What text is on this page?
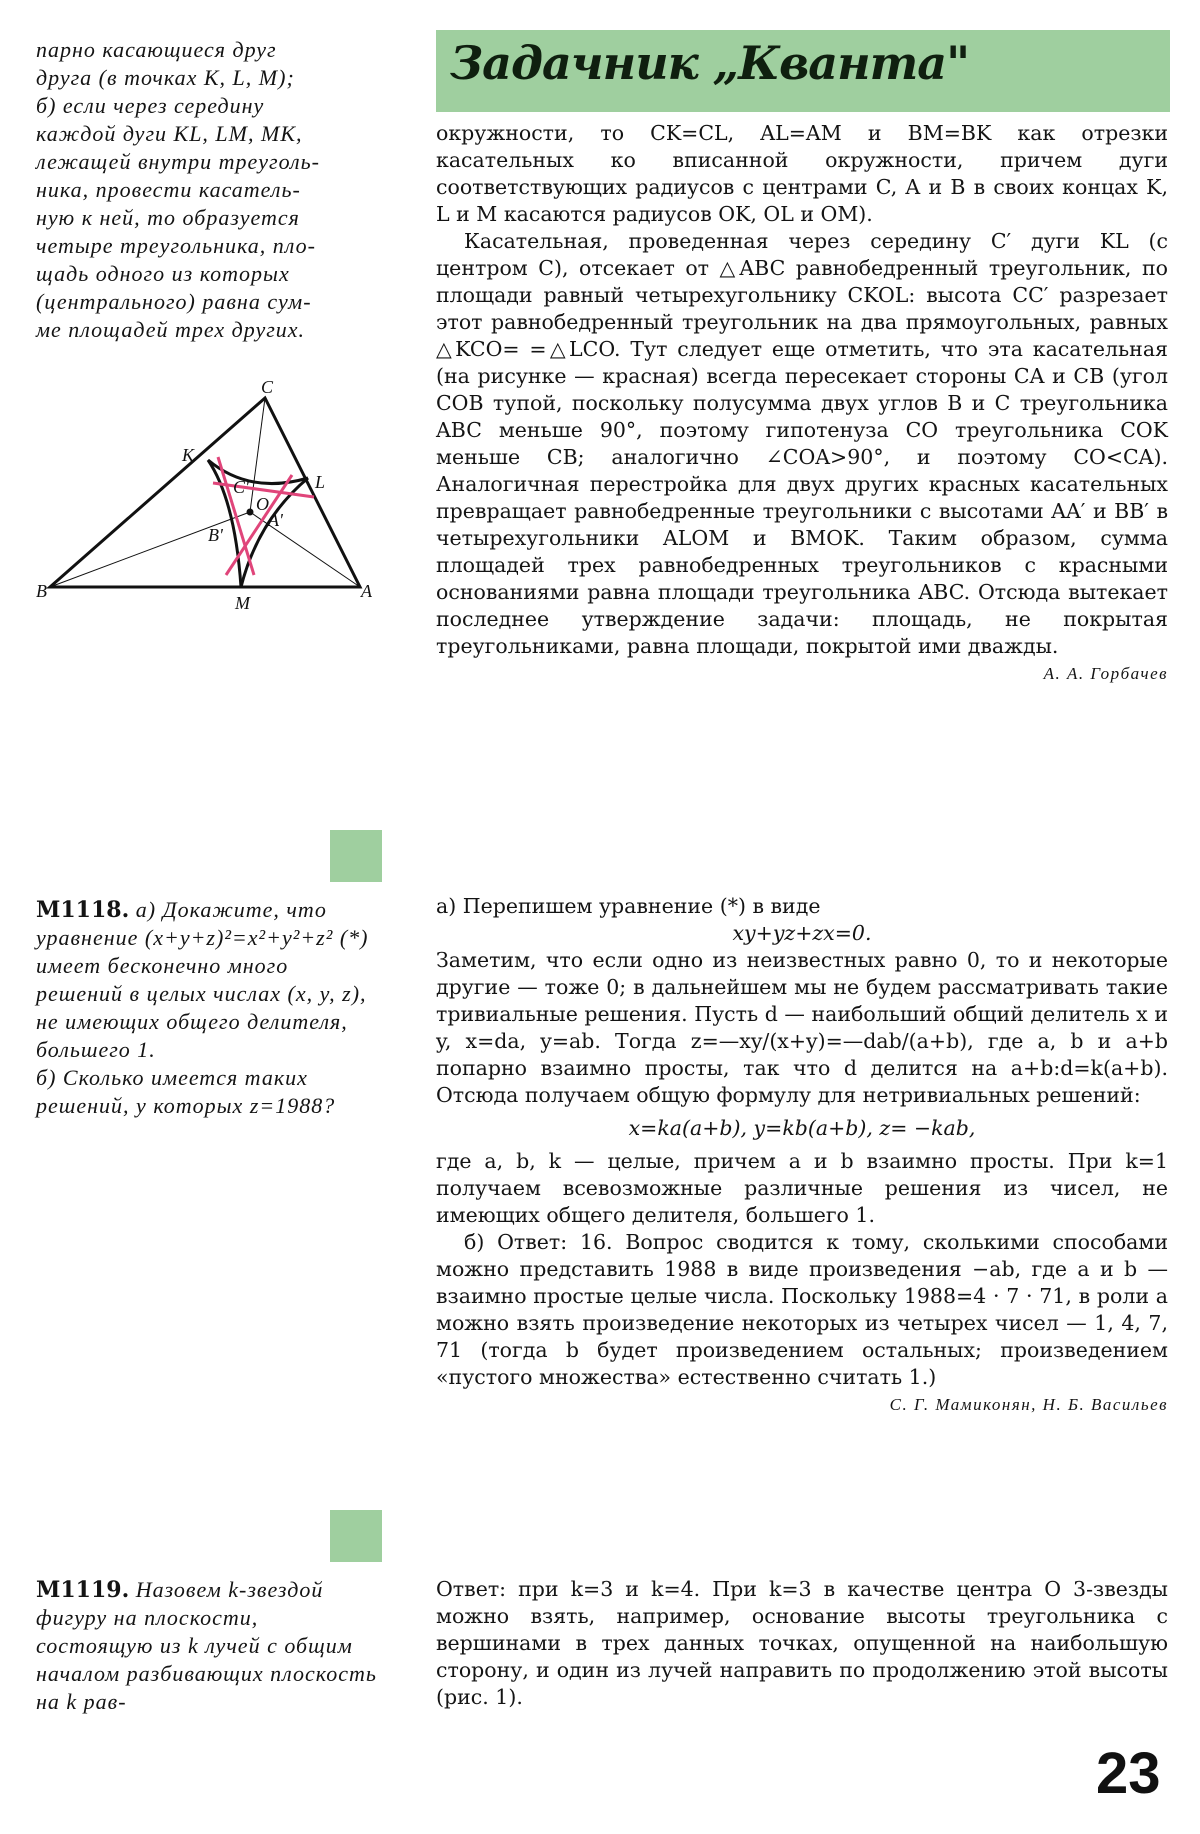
Задачник „Кванта"

парно касающиеся друг

друга (в точках K, L, M);

б) если через середину

каждой дуги KL, LM, MK,

лежащей внутри треуголь-

ника, провести касатель-

ную к ней, то образуется

четыре треугольника, пло-

щадь одного из которых

(центрального) равна сум-

ме площадей трех других.

C
K
L
C'
O
A'
B'
B	A
M

окружности, то CK=CL, AL=AM и BM=BK как отрезки касательных ко вписанной окружности, причем дуги соответствующих радиусов с центрами C, A и B в своих концах K, L и M касаются радиусов OK, OL и OM).

Касательная, проведенная через середину C′ дуги KL (с центром C), отсекает от △ABC равнобедренный треугольник, по площади равный четырехугольнику CKOL: высота CC′ разрезает этот равнобедренный треугольник на два прямоугольных, равных △KCO= =△LCO. Тут следует еще отметить, что эта касательная (на рисунке — красная) всегда пересекает стороны CA и CB (угол COB тупой, поскольку полусумма двух углов B и C треугольника ABC меньше 90°, поэтому гипотенуза CO треугольника COK меньше CB; аналогично ∠COA>90°, и поэтому CO<CA). Аналогичная перестройка для двух других красных касательных превращает равнобедренные треугольники с высотами AA′ и BB′ в четырехугольники ALOM и BMOK. Таким образом, сумма площадей трех равнобедренных треугольников с красными основаниями равна площади треугольника ABC. Отсюда вытекает последнее утверждение задачи: площадь, не покрытая треугольниками, равна площади, покрытой ими дважды.

А. А. Горбачев

М1118. а) Докажите, что уравнение (x+y+z)²=x²+y²+z² (*) имеет бесконечно много решений в целых числах (x, y, z), не имеющих общего делителя, большего 1.

б) Сколько имеется таких решений, у которых z=1988?

а) Перепишем уравнение (*) в виде

xy+yz+zx=0.

Заметим, что если одно из неизвестных равно 0, то и некоторые другие — тоже 0; в дальнейшем мы не будем рассматривать такие тривиальные решения. Пусть d — наибольший общий делитель x и y, x=da, y=ab. Тогда z=—xy/(x+y)=—dab/(a+b), где a, b и a+b попарно взаимно просты, так что d делится на a+b:d=k(a+b). Отсюда получаем общую формулу для нетривиальных решений:

x=ka(a+b), y=kb(a+b), z= −kab,

где a, b, k — целые, причем a и b взаимно просты. При k=1 получаем всевозможные различные решения из чисел, не имеющих общего делителя, большего 1.

б) Ответ: 16. Вопрос сводится к тому, сколькими способами можно представить 1988 в виде произведения −ab, где a и b — взаимно простые целые числа. Поскольку 1988=4 · 7 · 71, в роли a можно взять произведение некоторых из четырех чисел — 1, 4, 7, 71 (тогда b будет произведением остальных; произведением «пустого множества» естественно считать 1.)

С. Г. Мамиконян, Н. Б. Васильев

М1119. Назовем k-звездой фигуру на плоскости, состоящую из k лучей с общим началом разбивающих плоскость на k рав-

Ответ: при k=3 и k=4. При k=3 в качестве центра O 3-звезды можно взять, например, основание высоты треугольника с вершинами в трех данных точках, опущенной на наибольшую сторону, и один из лучей направить по продолжению этой высоты (рис. 1).

23
